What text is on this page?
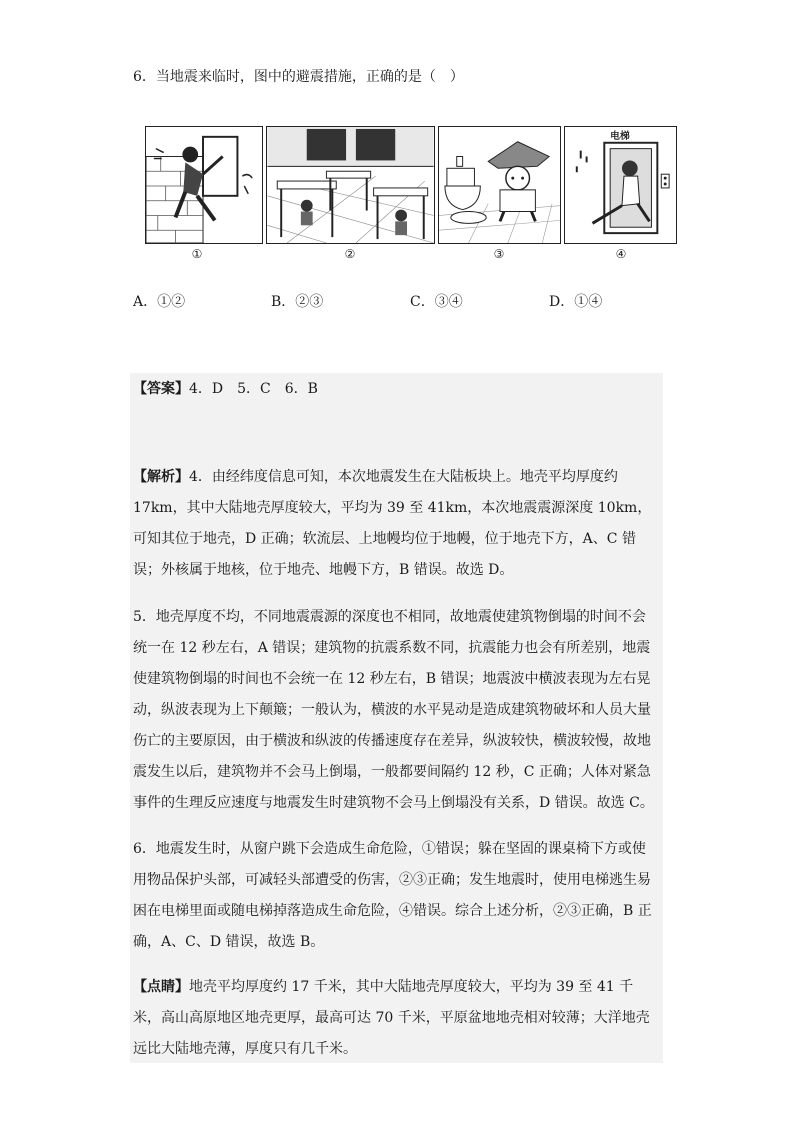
6．当地震来临时，图中的避震措施，正确的是（　）
电梯
①	②	③	④
A．①②	B．②③	C．③④	D．①④

【答案】4．D　5．C　6．B

【解析】4．由经纬度信息可知，本次地震发生在大陆板块上。地壳平均厚度约 17km，其中大陆地壳厚度较大，平均为 39 至 41km，本次地震震源深度 10km，可知其位于地壳，D 正确；软流层、上地幔均位于地幔，位于地壳下方，A、C 错误；外核属于地核，位于地壳、地幔下方，B 错误。故选 D。

5．地壳厚度不均，不同地震震源的深度也不相同，故地震使建筑物倒塌的时间不会统一在 12 秒左右，A 错误；建筑物的抗震系数不同，抗震能力也会有所差别，地震使建筑物倒塌的时间也不会统一在 12 秒左右，B 错误；地震波中横波表现为左右晃动，纵波表现为上下颠簸；一般认为，横波的水平晃动是造成建筑物破坏和人员大量伤亡的主要原因，由于横波和纵波的传播速度存在差异，纵波较快，横波较慢，故地震发生以后，建筑物并不会马上倒塌，一般都要间隔约 12 秒，C 正确；人体对紧急事件的生理反应速度与地震发生时建筑物不会马上倒塌没有关系，D 错误。故选 C。

6．地震发生时，从窗户跳下会造成生命危险，①错误；躲在坚固的课桌椅下方或使用物品保护头部，可减轻头部遭受的伤害，②③正确；发生地震时，使用电梯逃生易困在电梯里面或随电梯掉落造成生命危险，④错误。综合上述分析，②③正确，B 正确，A、C、D 错误，故选 B。

【点睛】地壳平均厚度约 17 千米，其中大陆地壳厚度较大，平均为 39 至 41 千米，高山高原地区地壳更厚，最高可达 70 千米，平原盆地地壳相对较薄；大洋地壳远比大陆地壳薄，厚度只有几千米。
